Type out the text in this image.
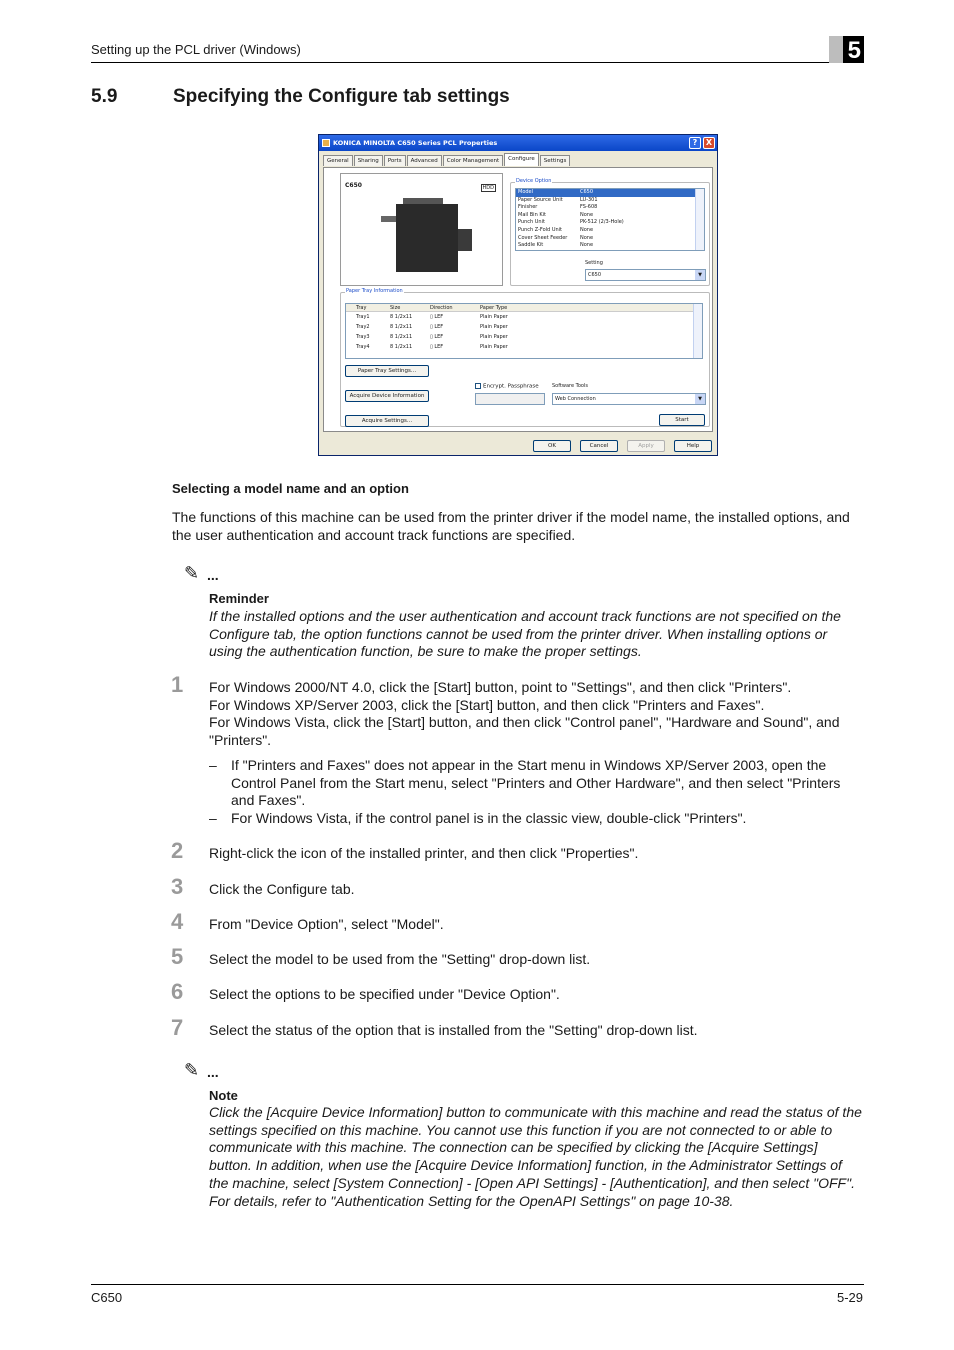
Setting up the PCL driver (Windows)	5
5.9	Specifying the Configure tab settings
KONICA MINOLTA C650 Series PCL Properties	?	X
General	Sharing	Ports	Advanced	Color Management	Configure	Settings
C650	HDD
Device Option
Model	C650
Paper Source Unit	LU-301
Finisher	FS-608
Mail Bin Kit	None
Punch Unit	PK-512 (2/3-Hole)
Punch Z-Fold Unit	None
Cover Sheet Feeder	None
Saddle Kit	None
Setting
C650	▼
Paper Tray Information
Tray	Size	Direction	Paper Type
Tray1	8 1/2x11	▯ LEF	Plain Paper
Tray2	8 1/2x11	▯ LEF	Plain Paper
Tray3	8 1/2x11	▯ LEF	Plain Paper
Tray4	8 1/2x11	▯ LEF	Plain Paper
Paper Tray Settings...
Acquire Device Information
Acquire Settings...
Encrypt. Passphrase	Software Tools
Web Connection	▼
Start
OK	Cancel	Apply	Help
Selecting a model name and an option
The functions of this machine can be used from the printer driver if the model name, the installed options, and the user authentication and account track functions are specified.
✎ ...
Reminder
If the installed options and the user authentication and account track functions are not specified on the Configure tab, the option functions cannot be used from the printer driver. When installing options or using the authentication function, be sure to make the proper settings.
1 For Windows 2000/NT 4.0, click the [Start] button, point to "Settings", and then click "Printers".
For Windows XP/Server 2003, click the [Start] button, and then click "Printers and Faxes".
For Windows Vista, click the [Start] button, and then click "Control panel", "Hardware and Sound", and "Printers".
– If "Printers and Faxes" does not appear in the Start menu in Windows XP/Server 2003, open the Control Panel from the Start menu, select "Printers and Other Hardware", and then select "Printers and Faxes".
– For Windows Vista, if the control panel is in the classic view, double-click "Printers".
2 Right-click the icon of the installed printer, and then click "Properties".
3 Click the Configure tab.
4 From "Device Option", select "Model".
5 Select the model to be used from the "Setting" drop-down list.
6 Select the options to be specified under "Device Option".
7 Select the status of the option that is installed from the "Setting" drop-down list.
✎ ...
Note
Click the [Acquire Device Information] button to communicate with this machine and read the status of the settings specified on this machine. You cannot use this function if you are not connected to or able to communicate with this machine. The connection can be specified by clicking the [Acquire Settings] button. In addition, when use the [Acquire Device Information] function, in the Administrator Settings of the machine, select [System Connection] - [Open API Settings] - [Authentication], and then select "OFF". For details, refer to "Authentication Setting for the OpenAPI Settings" on page 10-38.
C650	5-29
